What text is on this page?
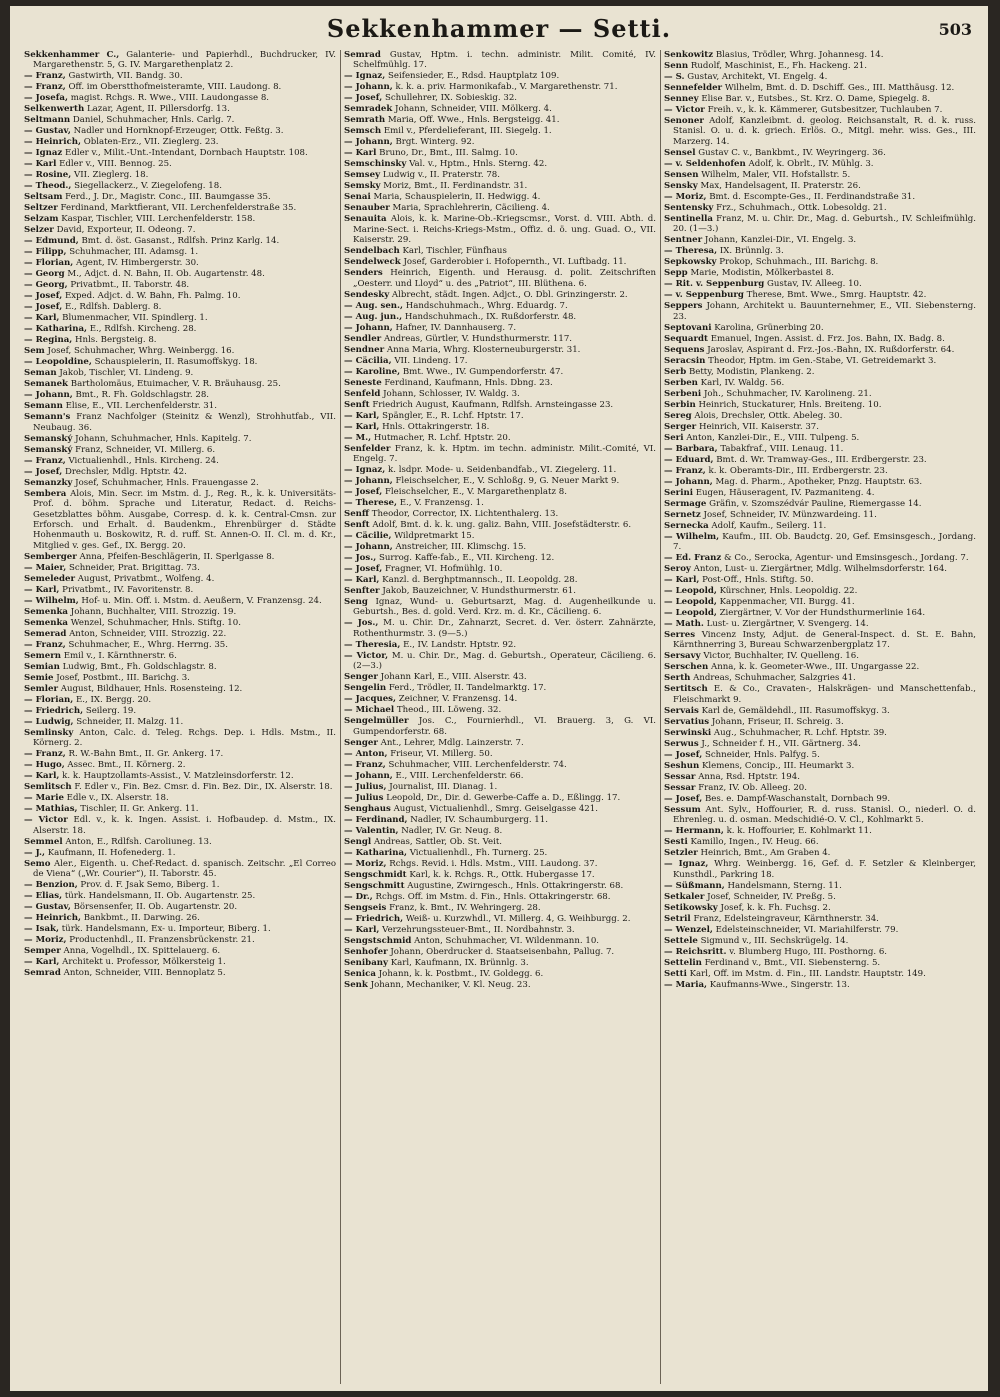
Sekkenhammer — Setti.	503
Sekkenhammer C., Galanterie- und Papierhdl., Buchdrucker, IV. Margarethenstr. 5, G. IV. Margarethenplatz 2.
— Franz, Gastwirth, VII. Bandg. 30.
— Franz, Off. im Oberstthofmeisteramte, VIII. Laudong. 8.
— Josefa, magist. Rchgs. R. Wwe., VIII. Laudongasse 8.
Selkenwerth Lazar, Agent, II. Pillersdorfg. 13.
Seltmann Daniel, Schuhmacher, Hnls. Carlg. 7.
— Gustav, Nadler und Hornknopf-Erzeuger, Ottk. Feßtg. 3.
— Heinrich, Oblaten-Erz., VII. Zieglerg. 23.
— Ignaz Edler v., Milit.-Unt.-Intendant, Dornbach Hauptstr. 108.
— Karl Edler v., VIII. Bennog. 25.
— Rosine, VII. Zieglerg. 18.
— Theod., Siegellackerz., V. Ziegelofeng. 18.
Seltsam Ferd., J. Dr., Magistr. Conc., III. Baumgasse 35.
Seltzer Ferdinand, Marktfierant, VII. Lerchenfelderstraße 35.
Selzam Kaspar, Tischler, VIII. Lerchenfelderstr. 158.
Selzer David, Exporteur, II. Odeong. 7.
— Edmund, Bmt. d. öst. Gasanst., Rdlfsh. Prinz Karlg. 14.
— Filipp, Schuhmacher, III. Adamsg. 1.
— Florian, Agent, IV. Himbergerstr. 30.
— Georg M., Adjct. d. N. Bahn, II. Ob. Augartenstr. 48.
— Georg, Privatbmt., II. Taborstr. 48.
— Josef, Exped. Adjct. d. W. Bahn, Fh. Palmg. 10.
— Josef, E., Rdlfsh. Dablerg. 8.
— Karl, Blumenmacher, VII. Spindlerg. 1.
— Katharina, E., Rdlfsh. Kircheng. 28.
— Regina, Hnls. Bergsteig. 8.
Sem Josef, Schuhmacher, Whrg. Weinbergg. 16.
— Leopoldine, Schauspielerin, II. Rasumoffskyg. 18.
Seman Jakob, Tischler, VI. Lindeng. 9.
Semanek Bartholomäus, Etuimacher, V. R. Bräuhausg. 25.
— Johann, Bmt., R. Fh. Goldschlagstr. 28.
Semann Elise, E., VII. Lerchenfelderstr. 31.
Semann's Franz Nachfolger (Steinitz & Wenzl), Strohhutfab., VII. Neubaug. 36.
Semanský Johann, Schuhmacher, Hnls. Kapitelg. 7.
Semanský Franz, Schneider, VI. Millerg. 6.
— Franz, Victualienhdl., Hnls. Kircheng. 24.
— Josef, Drechsler, Mdlg. Hptstr. 42.
Semanzky Josef, Schuhmacher, Hnls. Frauengasse 2.
Sembera Alois, Min. Secr. im Mstm. d. J., Reg. R., k. k. Universitäts-Prof. d. böhm. Sprache und Literatur, Redact. d. Reichs-Gesetzblattes böhm. Ausgabe, Corresp. d. k. k. Central-Cmsn. zur Erforsch. und Erhalt. d. Baudenkm., Ehrenbürger d. Städte Hohenmauth u. Boskowitz, R. d. ruff. St. Annen-O. II. Cl. m. d. Kr., Mitglied v. ges. Gef., IX. Bergg. 20.
Semberger Anna, Pfeifen-Beschlägerin, II. Sperlgasse 8.
— Maier, Schneider, Prat. Brigittag. 73.
Semeleder August, Privatbmt., Wolfeng. 4.
— Karl, Privatbmt., IV. Favoritenstr. 8.
— Wilhelm, Hof- u. Min. Off. i. Mstm. d. Aeußern, V. Franzensg. 24.
Semenka Johann, Buchhalter, VIII. Strozzig. 19.
Semenka Wenzel, Schuhmacher, Hnls. Stiftg. 10.
Semerad Anton, Schneider, VIII. Strozzig. 22.
— Franz, Schuhmacher, E., Whrg. Herrng. 35.
Semern Emil v., I. Kärnthnerstr. 6.
Semian Ludwig, Bmt., Fh. Goldschlagstr. 8.
Semie Josef, Postbmt., III. Barichg. 3.
Semler August, Bildhauer, Hnls. Rosensteing. 12.
— Florian, E., IX. Bergg. 20.
— Friedrich, Seilerg. 19.
— Ludwig, Schneider, II. Malzg. 11.
Semlinsky Anton, Calc. d. Teleg. Rchgs. Dep. i. Hdls. Mstm., II. Körnerg. 2.
— Franz, R. W.-Bahn Bmt., II. Gr. Ankerg. 17.
— Hugo, Assec. Bmt., II. Körnerg. 2.
— Karl, k. k. Hauptzollamts-Assist., V. Matzleinsdorferstr. 12.
Semlitsch F. Edler v., Fin. Bez. Cmsr. d. Fin. Bez. Dir., IX. Alserstr. 18.
— Marie Edle v., IX. Alserstr. 18.
— Mathias, Tischler, II. Gr. Ankerg. 11.
— Victor Edl. v., k. k. Ingen. Assist. i. Hofbaudep. d. Mstm., IX. Alserstr. 18.
Semmel Anton, E., Rdlfsh. Caroliuneg. 13.
— J., Kaufmann, II. Hofenederg. 1.
Semo Aler., Eigenth. u. Chef-Redact. d. spanisch. Zeitschr. „El Correo de Viena“ („Wr. Courier“), II. Taborstr. 45.
— Benzion, Prov. d. F. Jsak Semo, Biberg. 1.
— Elias, türk. Handelsmann, II. Ob. Augartenstr. 25.
— Gustav, Börsensenfer, II. Ob. Augartenstr. 20.
— Heinrich, Bankbmt., II. Darwing. 26.
— Isak, türk. Handelsmann, Ex- u. Importeur, Biberg. 1.
— Moriz, Productenhdl., II. Franzensbrückenstr. 21.
Semper Anna, Vogelhdl., IX. Spittelauerg. 6.
— Karl, Architekt u. Professor, Mölkersteig 1.
Semrad Anton, Schneider, VIII. Bennoplatz 5.
Semrad Gustav, Hptm. i. techn. administr. Milit. Comité, IV. Schelfmühlg. 17.
— Ignaz, Seifensieder, E., Rdsd. Hauptplatz 109.
— Johann, k. k. a. priv. Harmonikafab., V. Margarethenstr. 71.
— Josef, Schullehrer, IX. Sobieskig. 32.
Semradek Johann, Schneider, VIII. Mölkerg. 4.
Semrath Maria, Off. Wwe., Hnls. Bergsteigg. 41.
Semsch Emil v., Pferdelieferant, III. Siegelg. 1.
— Johann, Brgt. Winterg. 92.
— Karl Bruno, Dr., Bmt., III. Salmg. 10.
Semschinsky Val. v., Hptm., Hnls. Sterng. 42.
Semsey Ludwig v., II. Praterstr. 78.
Semsky Moriz, Bmt., II. Ferdinandstr. 31.
Senai Maria, Schauspielerin, II. Hedwigg. 4.
Senauber Maria, Sprachlehrerin, Cäcilieng. 4.
Senauita Alois, k. k. Marine-Ob.-Kriegscmsr., Vorst. d. VIII. Abth. d. Marine-Sect. i. Reichs-Kriegs-Mstm., Offiz. d. ö. ung. Guad. O., VII. Kaiserstr. 29.
Sendelbach Karl, Tischler, Fünfhaus
Sendelweck Josef, Garderobier i. Hofopernth., VI. Luftbadg. 11.
Senders Heinrich, Eigenth. und Herausg. d. polit. Zeitschriften „Oesterr. und Lloyd“ u. des „Patriot“, III. Blüthena. 6.
Sendesky Albrecht, städt. Ingen. Adjct., O. Dbl. Grinzingerstr. 2.
— Aug. sen., Handschuhmach., Whrg. Eduardg. 7.
— Aug. jun., Handschuhmach., IX. Rußdorferstr. 48.
— Johann, Hafner, IV. Dannhauserg. 7.
Sendler Andreas, Gürtler, V. Hundsthurmerstr. 117.
Sendner Anna Maria, Whrg. Klosterneuburgerstr. 31.
— Cäcilia, VII. Lindeng. 17.
— Karoline, Bmt. Wwe., IV. Gumpendorferstr. 47.
Seneste Ferdinand, Kaufmann, Hnls. Dbng. 23.
Senfeld Johann, Schlosser, IV. Waldg. 3.
Senft Friedrich August, Kaufmann, Rdlfsh. Arnsteingasse 23.
— Karl, Spängler, E., R. Lchf. Hptstr. 17.
— Karl, Hnls. Ottakringerstr. 18.
— M., Hutmacher, R. Lchf. Hptstr. 20.
Senfelder Franz, k. k. Hptm. im techn. administr. Milit.-Comité, VI. Engelg. 7.
— Ignaz, k. lsdpr. Mode- u. Seidenbandfab., VI. Ziegelerg. 11.
— Johann, Fleischselcher, E., V. Schloßg. 9, G. Neuer Markt 9.
— Josef, Fleischselcher, E., V. Margarethenplatz 8.
— Therese, E., V. Franzensg. 1.
Senff Theodor, Corrector, IX. Lichtenthalerg. 13.
Senft Adolf, Bmt. d. k. k. ung. galiz. Bahn, VIII. Josefstädterstr. 6.
— Cäcilie, Wildpretmarkt 15.
— Johann, Anstreicher, III. Klimschg. 15.
— Jos., Surrog. Kaffe-fab., E., VII. Kircheng. 12.
— Josef, Fragner, VI. Hofmühlg. 10.
— Karl, Kanzl. d. Berghptmannsch., II. Leopoldg. 28.
Senfter Jakob, Bauzeichner, V. Hundsthurmerstr. 61.
Seng Ignaz, Wund- u. Geburtsarzt, Mag. d. Augenheilkunde u. Geburtsh., Bes. d. gold. Verd. Krz. m. d. Kr., Cäcilieng. 6.
— Jos., M. u. Chir. Dr., Zahnarzt, Secret. d. Ver. österr. Zahnärzte, Rothenthurmstr. 3. (9—5.)
— Theresia, E., IV. Landstr. Hptstr. 92.
— Victor, M. u. Chir. Dr., Mag. d. Geburtsh., Operateur, Cäcilieng. 6. (2—3.)
Senger Johann Karl, E., VIII. Alserstr. 43.
Sengelin Ferd., Trödler, II. Tandelmarktg. 17.
— Jacques, Zeichner, V. Franzensg. 14.
— Michael Theod., III. Löweng. 32.
Sengelmüller Jos. C., Fournierhdl., VI. Brauerg. 3, G. VI. Gumpendorferstr. 68.
Senger Ant., Lehrer, Mdlg. Lainzerstr. 7.
— Anton, Friseur, VI. Millerg. 50.
— Franz, Schuhmacher, VIII. Lerchenfelderstr. 74.
— Johann, E., VIII. Lerchenfelderstr. 66.
— Julius, Journalist, III. Dianag. 1.
— Julius Leopold, Dr., Dir. d. Gewerbe-Caffe a. D., Eßlingg. 17.
Senghaus August, Victualienhdl., Smrg. Geiselgasse 421.
— Ferdinand, Nadler, IV. Schaumburgerg. 11.
— Valentin, Nadler, IV. Gr. Neug. 8.
Sengl Andreas, Sattler, Ob. St. Veit.
— Katharina, Victualienhdl., Fh. Turnerg. 25.
— Moriz, Rchgs. Revid. i. Hdls. Mstm., VIII. Laudong. 37.
Sengschmidt Karl, k. k. Rchgs. R., Ottk. Hubergasse 17.
Sengschmitt Augustine, Zwirngesch., Hnls. Ottakringerstr. 68.
— Dr., Rchgs. Off. im Mstm. d. Fin., Hnls. Ottakringerstr. 68.
Sengseis Franz, k. Bmt., IV. Wehringerg. 28.
— Friedrich, Weiß- u. Kurzwhdl., VI. Millerg. 4, G. Weihburgg. 2.
— Karl, Verzehrungssteuer-Bmt., II. Nordbahnstr. 3.
Sengstschmid Anton, Schuhmacher, VI. Wildenmann. 10.
Senhofer Johann, Oberdrucker d. Staatseisenbahn, Pallug. 7.
Senibany Karl, Kaufmann, IX. Brünnlg. 3.
Senica Johann, k. k. Postbmt., IV. Goldegg. 6.
Senk Johann, Mechaniker, V. Kl. Neug. 23.
Senkowitz Blasius, Trödler, Whrg. Johannesg. 14.
Senn Rudolf, Maschinist, E., Fh. Hackeng. 21.
— S. Gustav, Architekt, VI. Engelg. 4.
Sennefelder Wilhelm, Bmt. d. D. Dschiff. Ges., III. Matthäusg. 12.
Senney Elise Bar. v., Eutsbes., St. Krz. O. Dame, Spiegelg. 8.
— Victor Freih. v., k. k. Kämmerer, Gutsbesitzer, Tuchlauben 7.
Senoner Adolf, Kanzleibmt. d. geolog. Reichsanstalt, R. d. k. russ. Stanisl. O. u. d. k. griech. Erlös. O., Mitgl. mehr. wiss. Ges., III. Marzerg. 14.
Sensel Gustav C. v., Bankbmt., IV. Weyringerg. 36.
— v. Seldenhofen Adolf, k. Obrlt., IV. Mühlg. 3.
Sensen Wilhelm, Maler, VII. Hofstallstr. 5.
Sensky Max, Handelsagent, II. Praterstr. 26.
— Moriz, Bmt. d. Escompte-Ges., II. Ferdinandstraße 31.
Sentensky Frz., Schuhmach., Ottk. Lobesoldg. 21.
Sentinella Franz, M. u. Chir. Dr., Mag. d. Geburtsh., IV. Schleifmühlg. 20. (1—3.)
Sentner Johann, Kanzlei-Dir., VI. Engelg. 3.
— Theresa, IX. Brünnlg. 3.
Sepkowsky Prokop, Schuhmach., III. Barichg. 8.
Sepp Marie, Modistin, Mölkerbastei 8.
— Rit. v. Seppenburg Gustav, IV. Alleeg. 10.
— v. Seppenburg Therese, Bmt. Wwe., Smrg. Hauptstr. 42.
Seppers Johann, Architekt u. Bauunternehmer, E., VII. Siebensterng. 23.
Septovani Karolina, Grünerbing 20.
Sequardt Emanuel, Ingen. Assist. d. Frz. Jos. Bahn, IX. Badg. 8.
Sequens Jaroslav, Aspirant d. Frz.-Jos.-Bahn, IX. Rußdorferstr. 64.
Seracsin Theodor, Hptm. im Gen.-Stabe, VI. Getreidemarkt 3.
Serb Betty, Modistin, Plankeng. 2.
Serben Karl, IV. Waldg. 56.
Serbeni Joh., Schuhmacher, IV. Karolineng. 21.
Serbin Heinrich, Stuckaturer, Hnls. Breiteng. 10.
Sereg Alois, Drechsler, Ottk. Abeleg. 30.
Serger Heinrich, VII. Kaiserstr. 37.
Seri Anton, Kanzlei-Dir., E., VIII. Tulpeng. 5.
— Barbara, Tabakfraf., VIII. Lenaug. 11.
— Eduard, Bmt. d. Wr. Tramway-Ges., III. Erdbergerstr. 23.
— Franz, k. k. Oberamts-Dir., III. Erdbergerstr. 23.
— Johann, Mag. d. Pharm., Apotheker, Pnzg. Hauptstr. 63.
Serini Eugen, Häuseragent, IV. Pazmaniteng. 4.
Sermage Gräfin, v. Szomszédvár Pauline, Riemergasse 14.
Sernetz Josef, Schneider, IV. Münzwardeing. 11.
Sernecka Adolf, Kaufm., Seilerg. 11.
— Wilhelm, Kaufm., III. Ob. Baudctg. 20, Gef. Emsinsgesch., Jordang. 7.
— Ed. Franz & Co., Serocka, Agentur- und Emsinsgesch., Jordang. 7.
Seroy Anton, Lust- u. Ziergärtner, Mdlg. Wilhelmsdorferstr. 164.
— Karl, Post-Off., Hnls. Stiftg. 50.
— Leopold, Kürschner, Hnls. Leopoldig. 22.
— Leopold, Kappenmacher, VII. Burgg. 41.
— Leopold, Ziergärtner, V. Vor der Hundsthurmerlinie 164.
— Math. Lust- u. Ziergärtner, V. Svengerg. 14.
Serres Vincenz Insty, Adjut. de General-Inspect. d. St. E. Bahn, Kärnthnerring 3, Bureau Schwarzenbergplatz 17.
Sersavy Victor, Buchhalter, IV. Quelleng. 16.
Serschen Anna, k. k. Geometer-Wwe., III. Ungargasse 22.
Serth Andreas, Schuhmacher, Salzgries 41.
Sertitsch E. & Co., Cravaten-, Halskrägen- und Manschettenfab., Fleischmarkt 9.
Servais Karl de, Gemäldehdl., III. Rasumoffskyg. 3.
Servatius Johann, Friseur, II. Schreig. 3.
Serwinski Aug., Schuhmacher, R. Lchf. Hptstr. 39.
Serwus J., Schneider f. H., VII. Gärtnerg. 34.
— Josef, Schneider, Hnls. Palfyg. 5.
Seshun Klemens, Concip., III. Heumarkt 3.
Sessar Anna, Rsd. Hptstr. 194.
Sessar Franz, IV. Ob. Alleeg. 20.
— Josef, Bes. e. Dampf-Waschanstalt, Dornbach 99.
Sessum Ant. Sylv., Hoffourier, R. d. russ. Stanisl. O., niederl. O. d. Ehrenleg. u. d. osman. Medschidié-O. V. Cl., Kohlmarkt 5.
— Hermann, k. k. Hoffourier, E. Kohlmarkt 11.
Sesti Kamillo, Ingen., IV. Heug. 66.
Setzler Heinrich, Bmt., Am Graben 4.
— Ignaz, Whrg. Weinbergg. 16, Gef. d. F. Setzler & Kleinberger, Kunsthdl., Parkring 18.
— Süßmann, Handelsmann, Sterng. 11.
Setkaler Josef, Schneider, IV. Preßg. 5.
Setikowsky Josef, k. k. Fh. Fuchsg. 2.
Setril Franz, Edelsteingraveur, Kärnthnerstr. 34.
— Wenzel, Edelsteinschneider, VI. Mariahilferstr. 79.
Settele Sigmund v., III. Sechskrügelg. 14.
— Reichsritt. v. Blumberg Hugo, III. Posthorng. 6.
Settelin Ferdinand v., Bmt., VII. Siebensterng. 5.
Setti Karl, Off. im Mstm. d. Fin., III. Landstr. Hauptstr. 149.
— Maria, Kaufmanns-Wwe., Singerstr. 13.
